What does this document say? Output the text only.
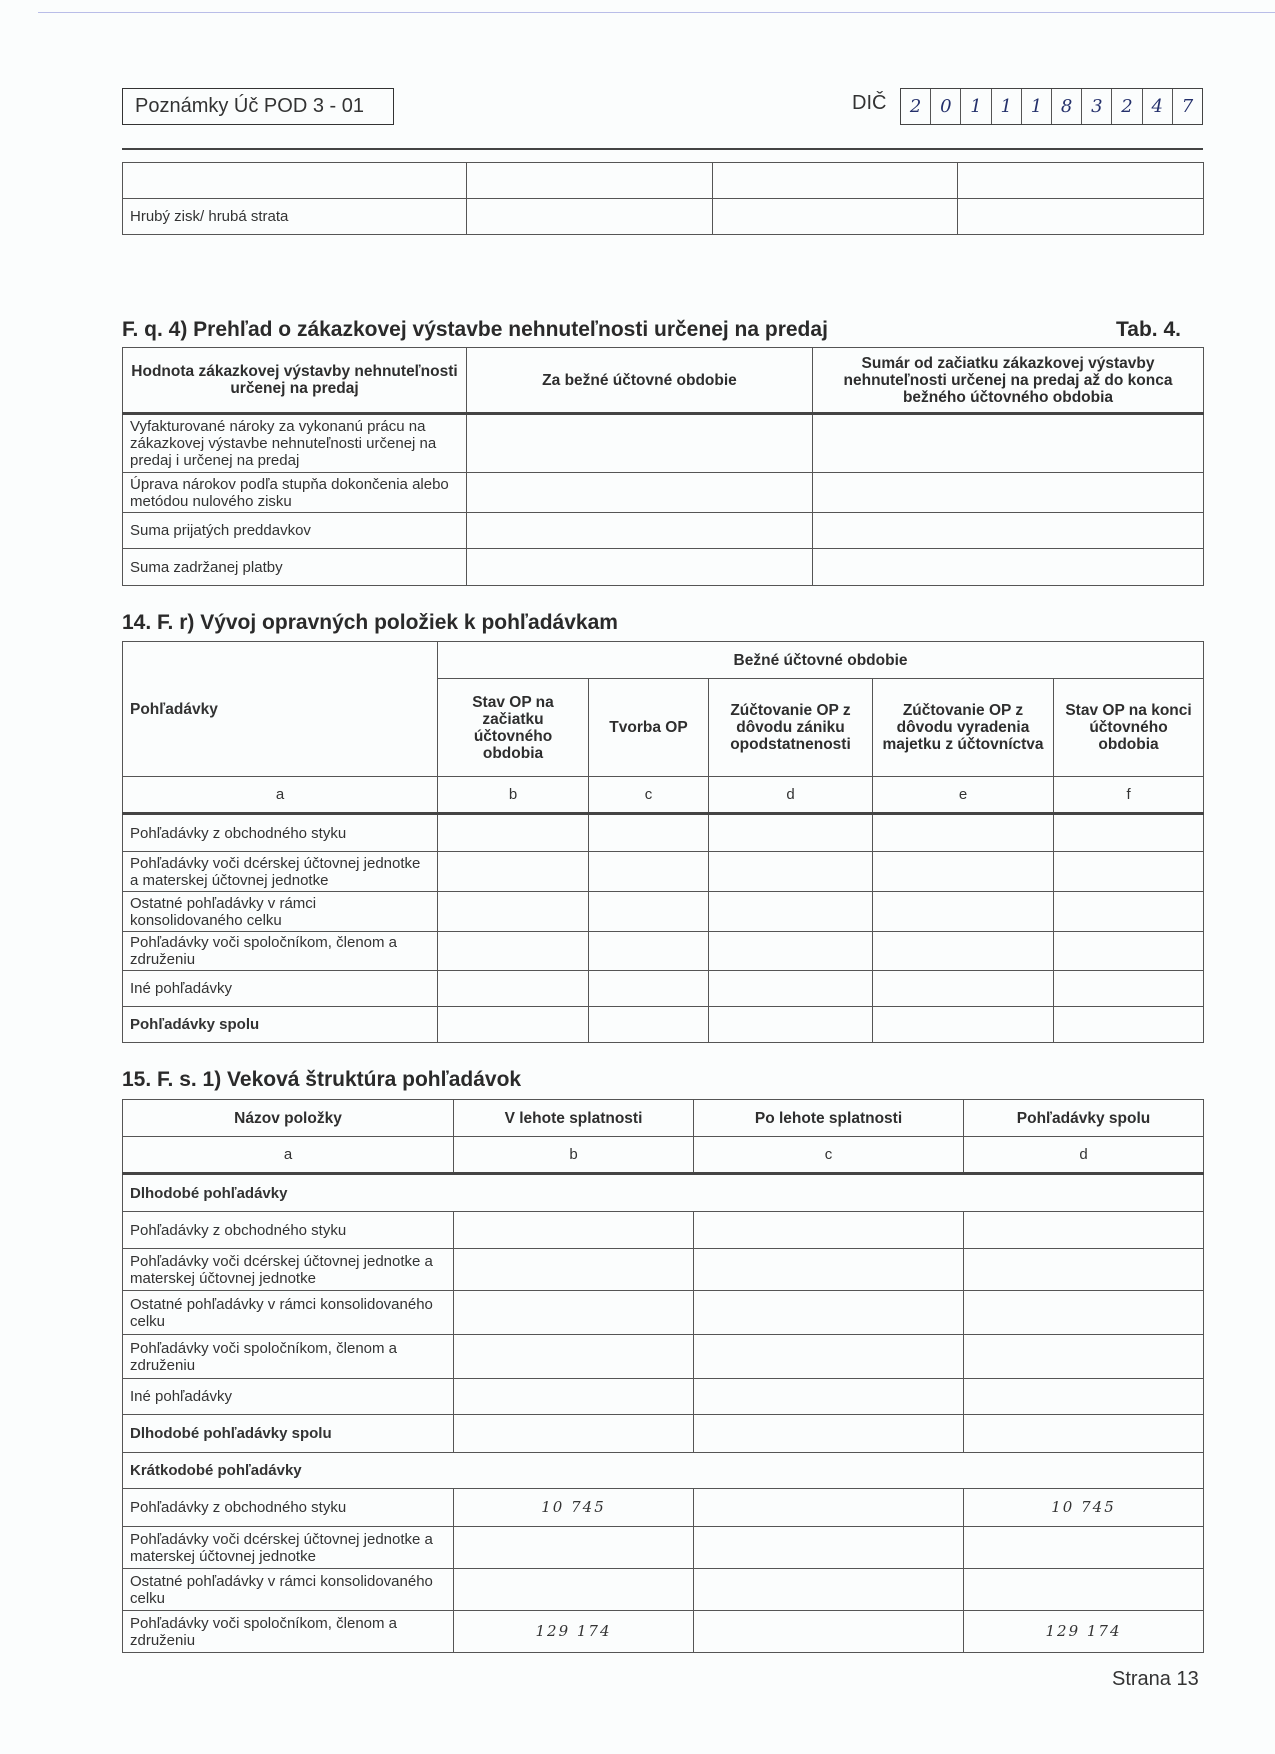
Poznámky Úč POD 3 - 01	DIČ	2	0	1	1	1	8	3	2	4	7

Hrubý zisk/ hrubá strata			
F. q. 4) Prehľad o zákazkovej výstavbe nehnuteľnosti určenej na predaj	Tab. 4.
Hodnota zákazkovej výstavby nehnuteľnosti určenej na predaj	Za bežné účtovné obdobie	Sumár od začiatku zákazkovej výstavby nehnuteľnosti určenej na predaj až do konca bežného účtovného obdobia
Vyfakturované nároky za vykonanú prácu na zákazkovej výstavbe nehnuteľnosti určenej na predaj i určenej na predaj		
Úprava nárokov podľa stupňa dokončenia alebo metódou nulového zisku		
Suma prijatých preddavkov		
Suma zadržanej platby		
14. F. r) Vývoj opravných položiek k pohľadávkam
Pohľadávky	Bežné účtovné obdobie				
	Stav OP na začiatku účtovného obdobia	Tvorba OP	Zúčtovanie OP z dôvodu zániku opodstatnenosti	Zúčtovanie OP z dôvodu vyradenia majetku z účtovníctva	Stav OP na konci účtovného obdobia
a	b	c	d	e	f
Pohľadávky z obchodného styku					
Pohľadávky voči dcérskej účtovnej jednotke a materskej účtovnej jednotke					
Ostatné pohľadávky v rámci konsolidovaného celku					
Pohľadávky voči spoločníkom, členom a združeniu					
Iné pohľadávky					
Pohľadávky spolu					
15. F. s. 1) Veková štruktúra pohľadávok
Názov položky	V lehote splatnosti	Po lehote splatnosti	Pohľadávky spolu
a	b	c	d
Dlhodobé pohľadávky			
Pohľadávky z obchodného styku			
Pohľadávky voči dcérskej účtovnej jednotke a materskej účtovnej jednotke			
Ostatné pohľadávky v rámci konsolidovaného celku			
Pohľadávky voči spoločníkom, členom a združeniu			
Iné pohľadávky			
Dlhodobé pohľadávky spolu			
Krátkodobé pohľadávky			
Pohľadávky z obchodného styku	10 745		10 745
Pohľadávky voči dcérskej účtovnej jednotke a materskej účtovnej jednotke			
Ostatné pohľadávky v rámci konsolidovaného celku			
Pohľadávky voči spoločníkom, členom a združeniu	129 174		129 174
Strana 13
